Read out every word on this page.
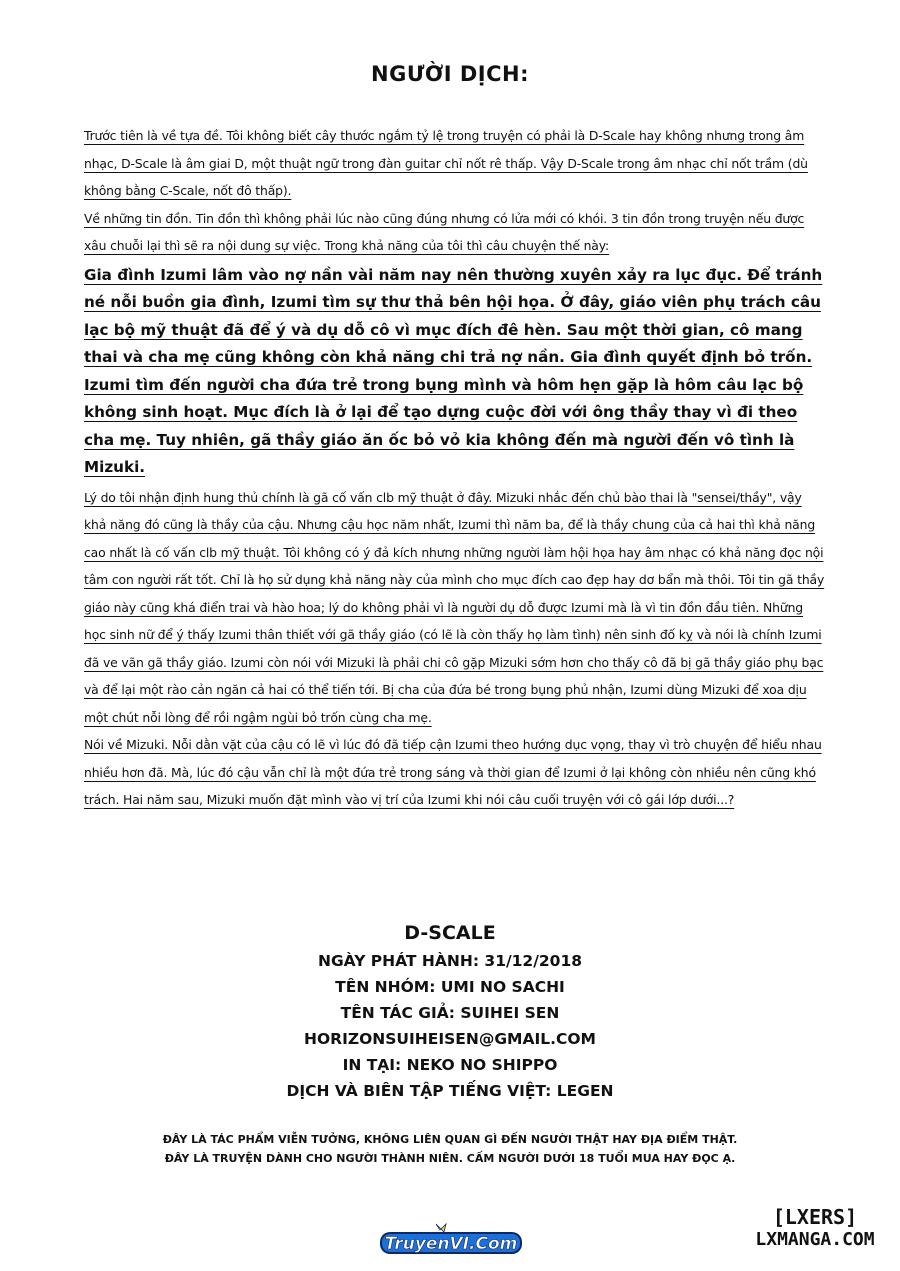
NGƯỜI DỊCH:

Trước tiên là về tựa đề. Tôi không biết cây thước ngắm tỷ lệ trong truyện có phải là D-Scale hay không nhưng trong âm nhạc, D-Scale là âm giai D, một thuật ngữ trong đàn guitar chỉ nốt rê thấp. Vậy D-Scale trong âm nhạc chỉ nốt trầm (dù không bằng C-Scale, nốt đô thấp).

Về những tin đồn. Tin đồn thì không phải lúc nào cũng đúng nhưng có lửa mới có khói. 3 tin đồn trong truyện nếu được xâu chuỗi lại thì sẽ ra nội dung sự việc. Trong khả năng của tôi thì câu chuyện thế này:

Gia đình Izumi lâm vào nợ nần vài năm nay nên thường xuyên xảy ra lục đục. Để tránh né nỗi buồn gia đình, Izumi tìm sự thư thả bên hội họa. Ở đây, giáo viên phụ trách câu lạc bộ mỹ thuật đã để ý và dụ dỗ cô vì mục đích đê hèn. Sau một thời gian, cô mang thai và cha mẹ cũng không còn khả năng chi trả nợ nần. Gia đình quyết định bỏ trốn. Izumi tìm đến người cha đứa trẻ trong bụng mình và hôm hẹn gặp là hôm câu lạc bộ không sinh hoạt. Mục đích là ở lại để tạo dựng cuộc đời với ông thầy thay vì đi theo cha mẹ. Tuy nhiên, gã thầy giáo ăn ốc bỏ vỏ kia không đến mà người đến vô tình là Mizuki.

Lý do tôi nhận định hung thủ chính là gã cố vấn clb mỹ thuật ở đây. Mizuki nhắc đến chủ bào thai là "sensei/thầy", vậy khả năng đó cũng là thầy của cậu. Nhưng cậu học năm nhất, Izumi thì năm ba, để là thầy chung của cả hai thì khả năng cao nhất là cố vấn clb mỹ thuật. Tôi không có ý đả kích nhưng những người làm hội họa hay âm nhạc có khả năng đọc nội tâm con người rất tốt. Chỉ là họ sử dụng khả năng này của mình cho mục đích cao đẹp hay dơ bẩn mà thôi. Tôi tin gã thầy giáo này cũng khá điển trai và hào hoa; lý do không phải vì là người dụ dỗ được Izumi mà là vì tin đồn đầu tiên. Những học sinh nữ để ý thấy Izumi thân thiết với gã thầy giáo (có lẽ là còn thấy họ làm tình) nên sinh đố kỵ và nói là chính Izumi đã ve vãn gã thầy giáo. Izumi còn nói với Mizuki là phải chi cô gặp Mizuki sớm hơn cho thấy cô đã bị gã thầy giáo phụ bạc và để lại một rào cản ngăn cả hai có thể tiến tới. Bị cha của đứa bé trong bụng phủ nhận, Izumi dùng Mizuki để xoa dịu một chút nỗi lòng để rồi ngậm ngùi bỏ trốn cùng cha mẹ.

Nói về Mizuki. Nỗi dằn vặt của cậu có lẽ vì lúc đó đã tiếp cận Izumi theo hướng dục vọng, thay vì trò chuyện để hiểu nhau nhiều hơn đã. Mà, lúc đó cậu vẫn chỉ là một đứa trẻ trong sáng và thời gian để Izumi ở lại không còn nhiều nên cũng khó trách. Hai năm sau, Mizuki muốn đặt mình vào vị trí của Izumi khi nói câu cuối truyện với cô gái lớp dưới...?

D-SCALE
NGÀY PHÁT HÀNH: 31/12/2018
TÊN NHÓM: UMI NO SACHI
TÊN TÁC GIẢ: SUIHEI SEN
HORIZONSUIHEISEN@GMAIL.COM
IN TẠI: NEKO NO SHIPPO
DỊCH VÀ BIÊN TẬP TIẾNG VIỆT: LEGEN
ĐÂY LÀ TÁC PHẨM VIỄN TƯỞNG, KHÔNG LIÊN QUAN GÌ ĐẾN NGƯỜI THẬT HAY ĐỊA ĐIỂM THẬT.
ĐÂY LÀ TRUYỆN DÀNH CHO NGƯỜI THÀNH NIÊN. CẤM NGƯỜI DƯỚI 18 TUỔI MUA HAY ĐỌC Ạ.
TruyenVI.Com
[LXERS]
LXMANGA.COM
